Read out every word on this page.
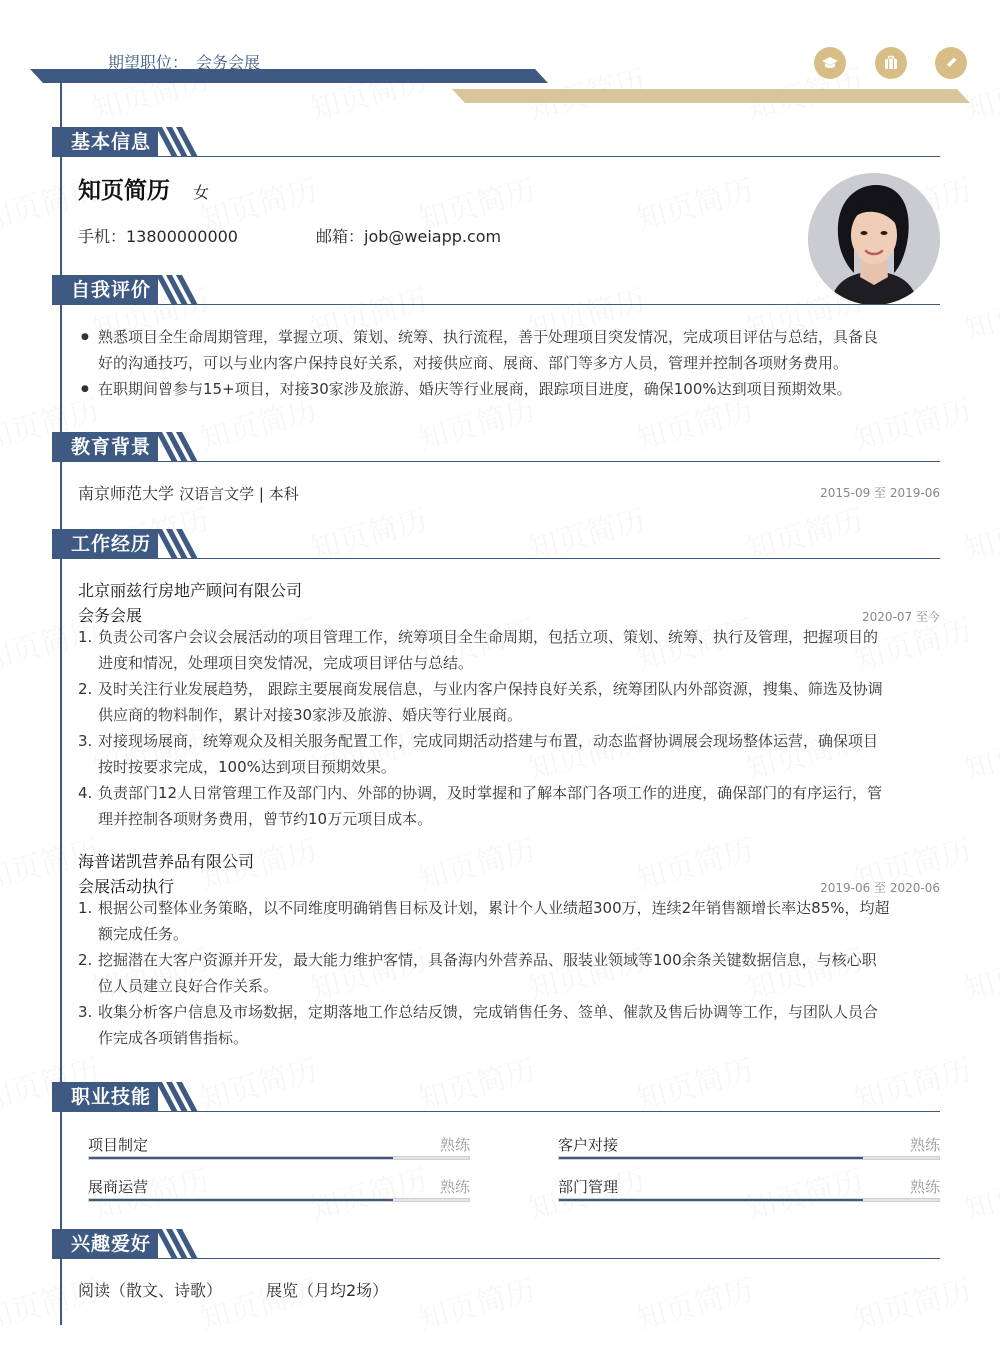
期望职位： 会务会展
基本信息
知页简历 女
手机：13800000000	邮箱：job@weiapp.com
自我评价
● 熟悉项目全生命周期管理，掌握立项、策划、统筹、执行流程，善于处理项目突发情况，完成项目评估与总结，具备良
好的沟通技巧，可以与业内客户保持良好关系，对接供应商、展商、部门等多方人员，管理并控制各项财务费用。
● 在职期间曾参与15+项目，对接30家涉及旅游、婚庆等行业展商，跟踪项目进度，确保100%达到项目预期效果。
教育背景
南京师范大学 汉语言文学 | 本科	2015-09 至 2019-06
工作经历
北京丽兹行房地产顾问有限公司
会务会展	2020-07 至今
1. 负责公司客户会议会展活动的项目管理工作，统筹项目全生命周期，包括立项、策划、统筹、执行及管理，把握项目的
进度和情况，处理项目突发情况，完成项目评估与总结。
2. 及时关注行业发展趋势， 跟踪主要展商发展信息，与业内客户保持良好关系，统筹团队内外部资源，搜集、筛选及协调
供应商的物料制作，累计对接30家涉及旅游、婚庆等行业展商。
3. 对接现场展商，统筹观众及相关服务配置工作，完成同期活动搭建与布置，动态监督协调展会现场整体运营，确保项目
按时按要求完成，100%达到项目预期效果。
4. 负责部门12人日常管理工作及部门内、外部的协调，及时掌握和了解本部门各项工作的进度，确保部门的有序运行，管
理并控制各项财务费用，曾节约10万元项目成本。
海普诺凯营养品有限公司
会展活动执行	2019-06 至 2020-06
1. 根据公司整体业务策略，以不同维度明确销售目标及计划，累计个人业绩超300万，连续2年销售额增长率达85%，均超
额完成任务。
2. 挖掘潜在大客户资源并开发，最大能力维护客情，具备海内外营养品、服装业领域等100余条关键数据信息，与核心职
位人员建立良好合作关系。
3. 收集分析客户信息及市场数据，定期落地工作总结反馈，完成销售任务、签单、催款及售后协调等工作，与团队人员合
作完成各项销售指标。
职业技能
项目制定	熟练	客户对接	熟练
展商运营	熟练	部门管理	熟练
兴趣爱好
阅读（散文、诗歌）	展览（月均2场）
